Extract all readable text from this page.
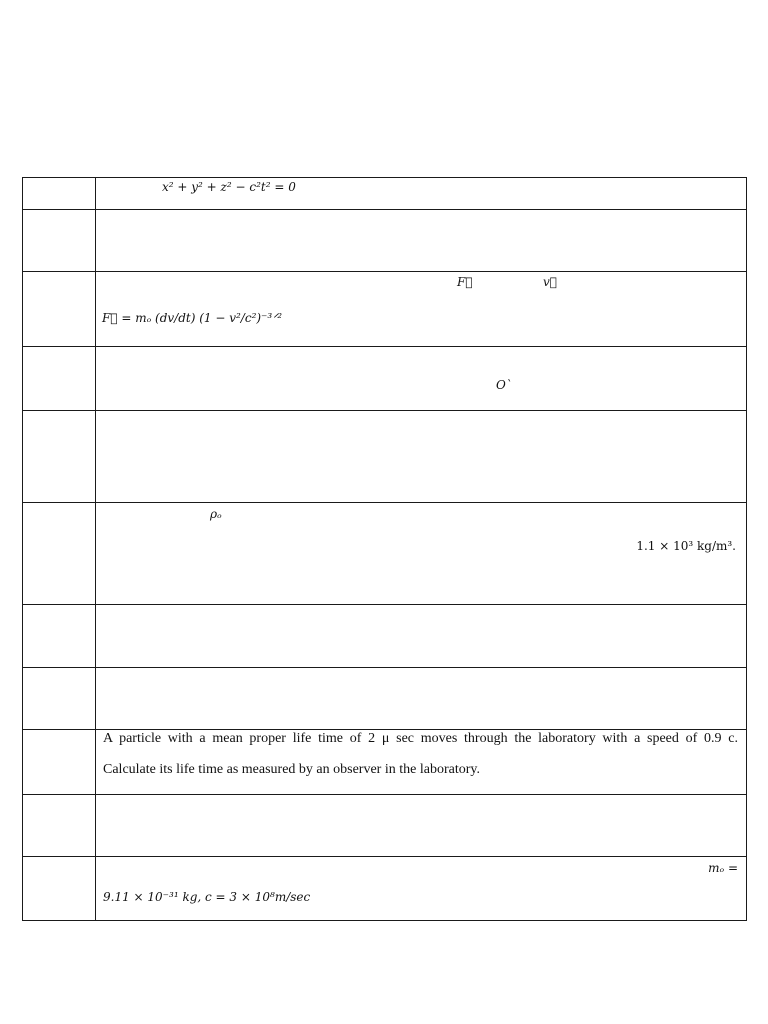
	x² + y² + z² − c²t² = 0

	F⃗ v⃗
F⃗ = mₒ (dv/dt) (1 − v²/c²)⁻³ᐟ²

	O`

	ρₒ
1.1 × 10³ kg/m³.

	A particle with a mean proper life time of 2 μ sec moves through the laboratory with a speed of 0.9 c.
Calculate its life time as measured by an observer in the laboratory.

	mₒ =
9.11 × 10⁻³¹ kg, c = 3 × 10⁸m/sec
